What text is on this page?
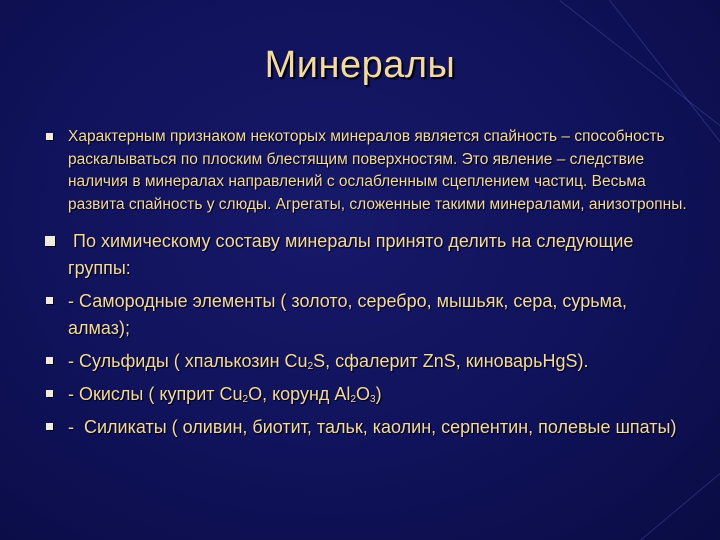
Минералы
Характерным признаком некоторых минералов является спайность – способность раскалываться по плоским блестящим поверхностям. Это явление – следствие наличия в минералах направлений с ослабленным сцеплением частиц. Весьма развита спайность у слюды. Агрегаты, сложенные такими минералами, анизотропны.
По химическому составу минералы принято делить на следующие группы:
- Самородные элементы ( золото, серебро, мышьяк, сера, сурьма, алмаз);
- Сульфиды ( хпалькозин $Cu_2S$, сфалерит ZnS, киноварьHgS).
- Окислы ( куприт $Cu_2O$, корунд $Al_2O_3$)
-  Силикаты ( оливин, биотит, тальк, каолин, серпентин, полевые шпаты)
